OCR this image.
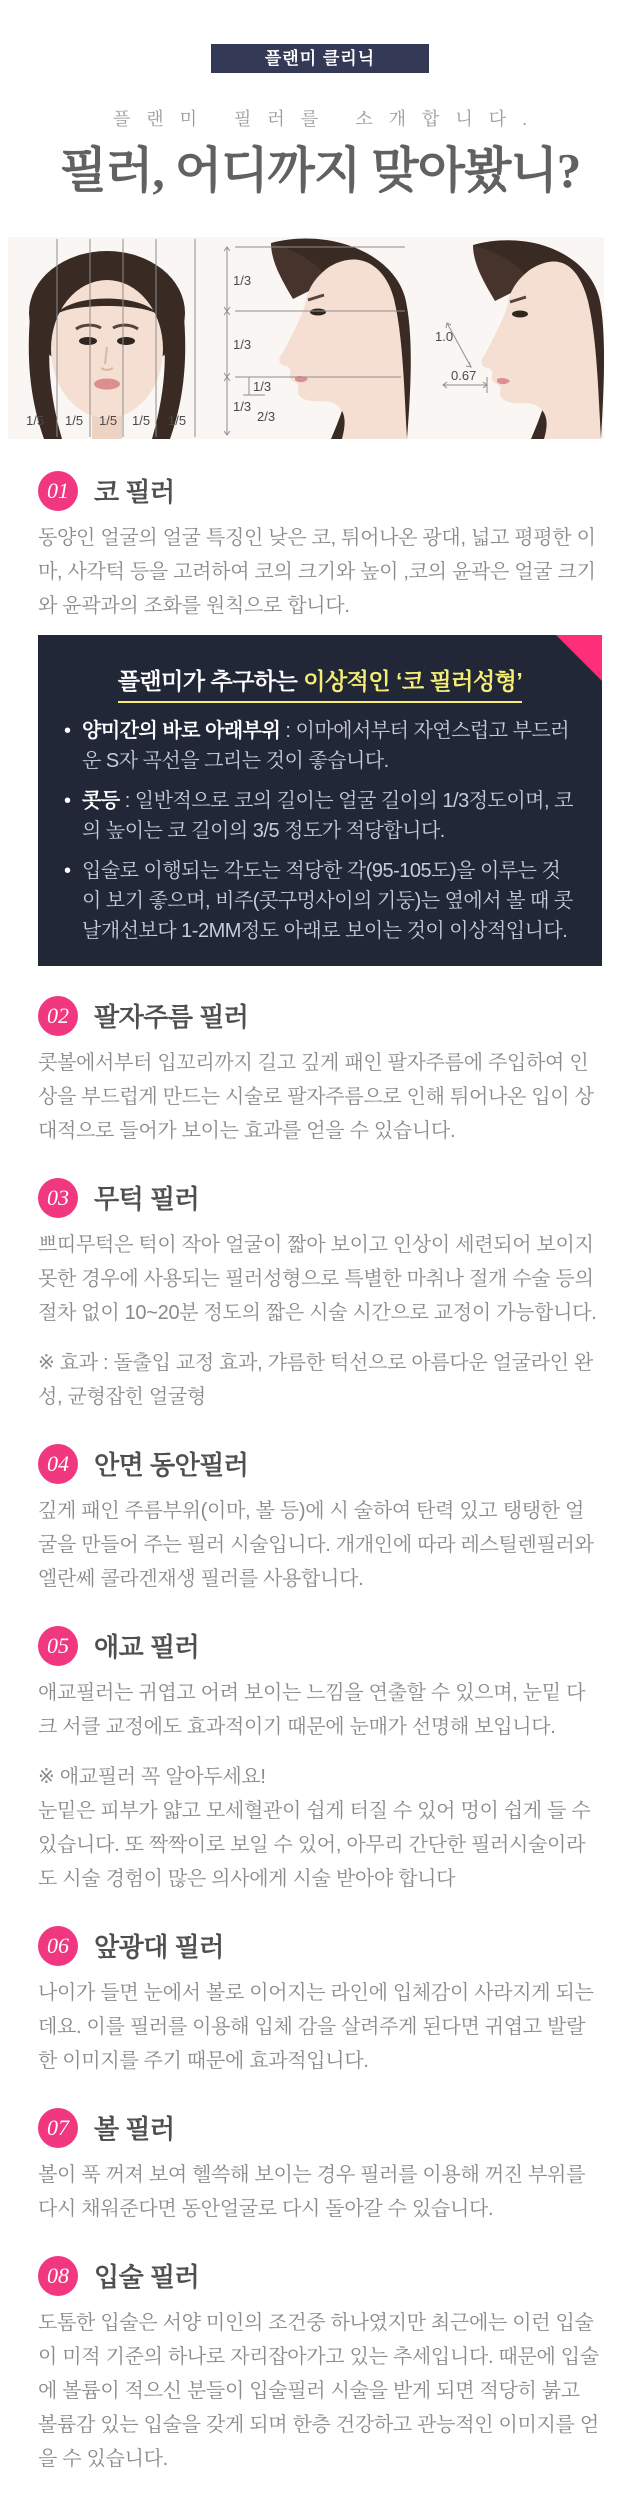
플랜미 클리닉
플랜미 필러를 소개합니다.
필러, 어디까지 맞아봤니?
1/5 1/5 1/5 1/5 1/5
1/3
1/3
1/3
1/3
2/3
1.0
0.67
01 코 필러

동양인 얼굴의 얼굴 특징인 낮은 코, 튀어나온 광대, 넓고 평평한 이마, 사각턱 등을 고려하여 코의 크기와 높이 ,코의 윤곽은 얼굴 크기와 윤곽과의 조화를 원칙으로 합니다.

플랜미가 추구하는 이상적인 ‘코 필러성형’
• 양미간의 바로 아래부위 : 이마에서부터 자연스럽고 부드러운 S자 곡선을 그리는 것이 좋습니다.
• 콧등 : 일반적으로 코의 길이는 얼굴 길이의 1/3정도이며, 코의 높이는 코 길이의 3/5 정도가 적당합니다.
• 입술로 이행되는 각도는 적당한 각(95-105도)을 이루는 것이 보기 좋으며, 비주(콧구멍사이의 기둥)는 옆에서 볼 때 콧날개선보다 1-2MM정도 아래로 보이는 것이 이상적입니다.
02 팔자주름 필러

콧볼에서부터 입꼬리까지 길고 깊게 패인 팔자주름에 주입하여 인상을 부드럽게 만드는 시술로 팔자주름으로 인해 튀어나온 입이 상대적으로 들어가 보이는 효과를 얻을 수 있습니다.

03 무턱 필러

쁘띠무턱은 턱이 작아 얼굴이 짧아 보이고 인상이 세련되어 보이지 못한 경우에 사용되는 필러성형으로 특별한 마취나 절개 수술 등의 절차 없이 10~20분 정도의 짧은 시술 시간으로 교정이 가능합니다.

※ 효과 : 돌출입 교정 효과, 갸름한 턱선으로 아름다운 얼굴라인 완성, 균형잡힌 얼굴형

04 안면 동안필러

깊게 패인 주름부위(이마, 볼 등)에 시 술하여 탄력 있고 탱탱한 얼굴을 만들어 주는 필러 시술입니다. 개개인에 따라 레스틸렌필러와 엘란쎄 콜라겐재생 필러를 사용합니다.

05 애교 필러

애교필러는 귀엽고 어려 보이는 느낌을 연출할 수 있으며, 눈밑 다크 서클 교정에도 효과적이기 때문에 눈매가 선명해 보입니다.

※ 애교필러 꼭 알아두세요!

눈밑은 피부가 얇고 모세혈관이 쉽게 터질 수 있어 멍이 쉽게 들 수 있습니다. 또 짝짝이로 보일 수 있어, 아무리 간단한 필러시술이라도 시술 경험이 많은 의사에게 시술 받아야 합니다

06 앞광대 필러

나이가 들면 눈에서 볼로 이어지는 라인에 입체감이 사라지게 되는데요. 이를 필러를 이용해 입체 감을 살려주게 된다면 귀엽고 발랄한 이미지를 주기 때문에 효과적입니다.

07 볼 필러

볼이 푹 꺼져 보여 헬쓱해 보이는 경우 필러를 이용해 꺼진 부위를 다시 채워준다면 동안얼굴로 다시 돌아갈 수 있습니다.

08 입술 필러

도톰한 입술은 서양 미인의 조건중 하나였지만 최근에는 이런 입술이 미적 기준의 하나로 자리잡아가고 있는 추세입니다. 때문에 입술에 볼륨이 적으신 분들이 입술필러 시술을 받게 되면 적당히 붉고 볼륨감 있는 입술을 갖게 되며 한층 건강하고 관능적인 이미지를 얻을 수 있습니다.
